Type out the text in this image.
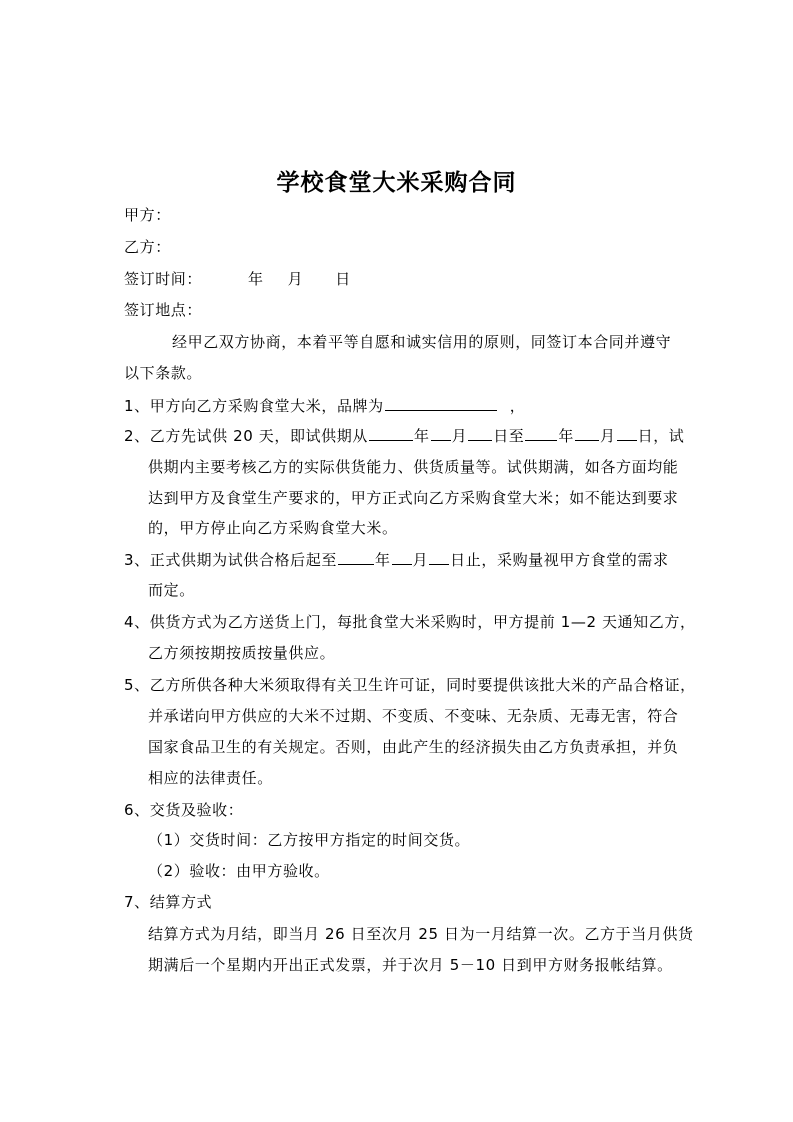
学校食堂大米采购合同
甲方：
乙方：
签订时间：	年 月 日
签订地点：
经甲乙双方协商，本着平等自愿和诚实信用的原则，同签订本合同并遵守
以下条款。
1、甲方向乙方采购食堂大米，品牌为	，
2、乙方先试供 20 天，即试供期从	年 月 日至 年 月 日，试
供期内主要考核乙方的实际供货能力、供货质量等。试供期满，如各方面均能
达到甲方及食堂生产要求的，甲方正式向乙方采购食堂大米；如不能达到要求
的，甲方停止向乙方采购食堂大米。
3、正式供期为试供合格后起至	年 月 日止，采购量视甲方食堂的需求
而定。
4、供货方式为乙方送货上门，每批食堂大米采购时，甲方提前 1—2 天通知乙方，
乙方须按期按质按量供应。
5、乙方所供各种大米须取得有关卫生许可证，同时要提供该批大米的产品合格证，
并承诺向甲方供应的大米不过期、不变质、不变味、无杂质、无毒无害，符合
国家食品卫生的有关规定。否则，由此产生的经济损失由乙方负责承担，并负
相应的法律责任。
6、交货及验收：
（1）交货时间：乙方按甲方指定的时间交货。
（2）验收：由甲方验收。
7、结算方式
结算方式为月结，即当月 26 日至次月 25 日为一月结算一次。乙方于当月供货
期满后一个星期内开出正式发票，并于次月 5－10 日到甲方财务报帐结算。
